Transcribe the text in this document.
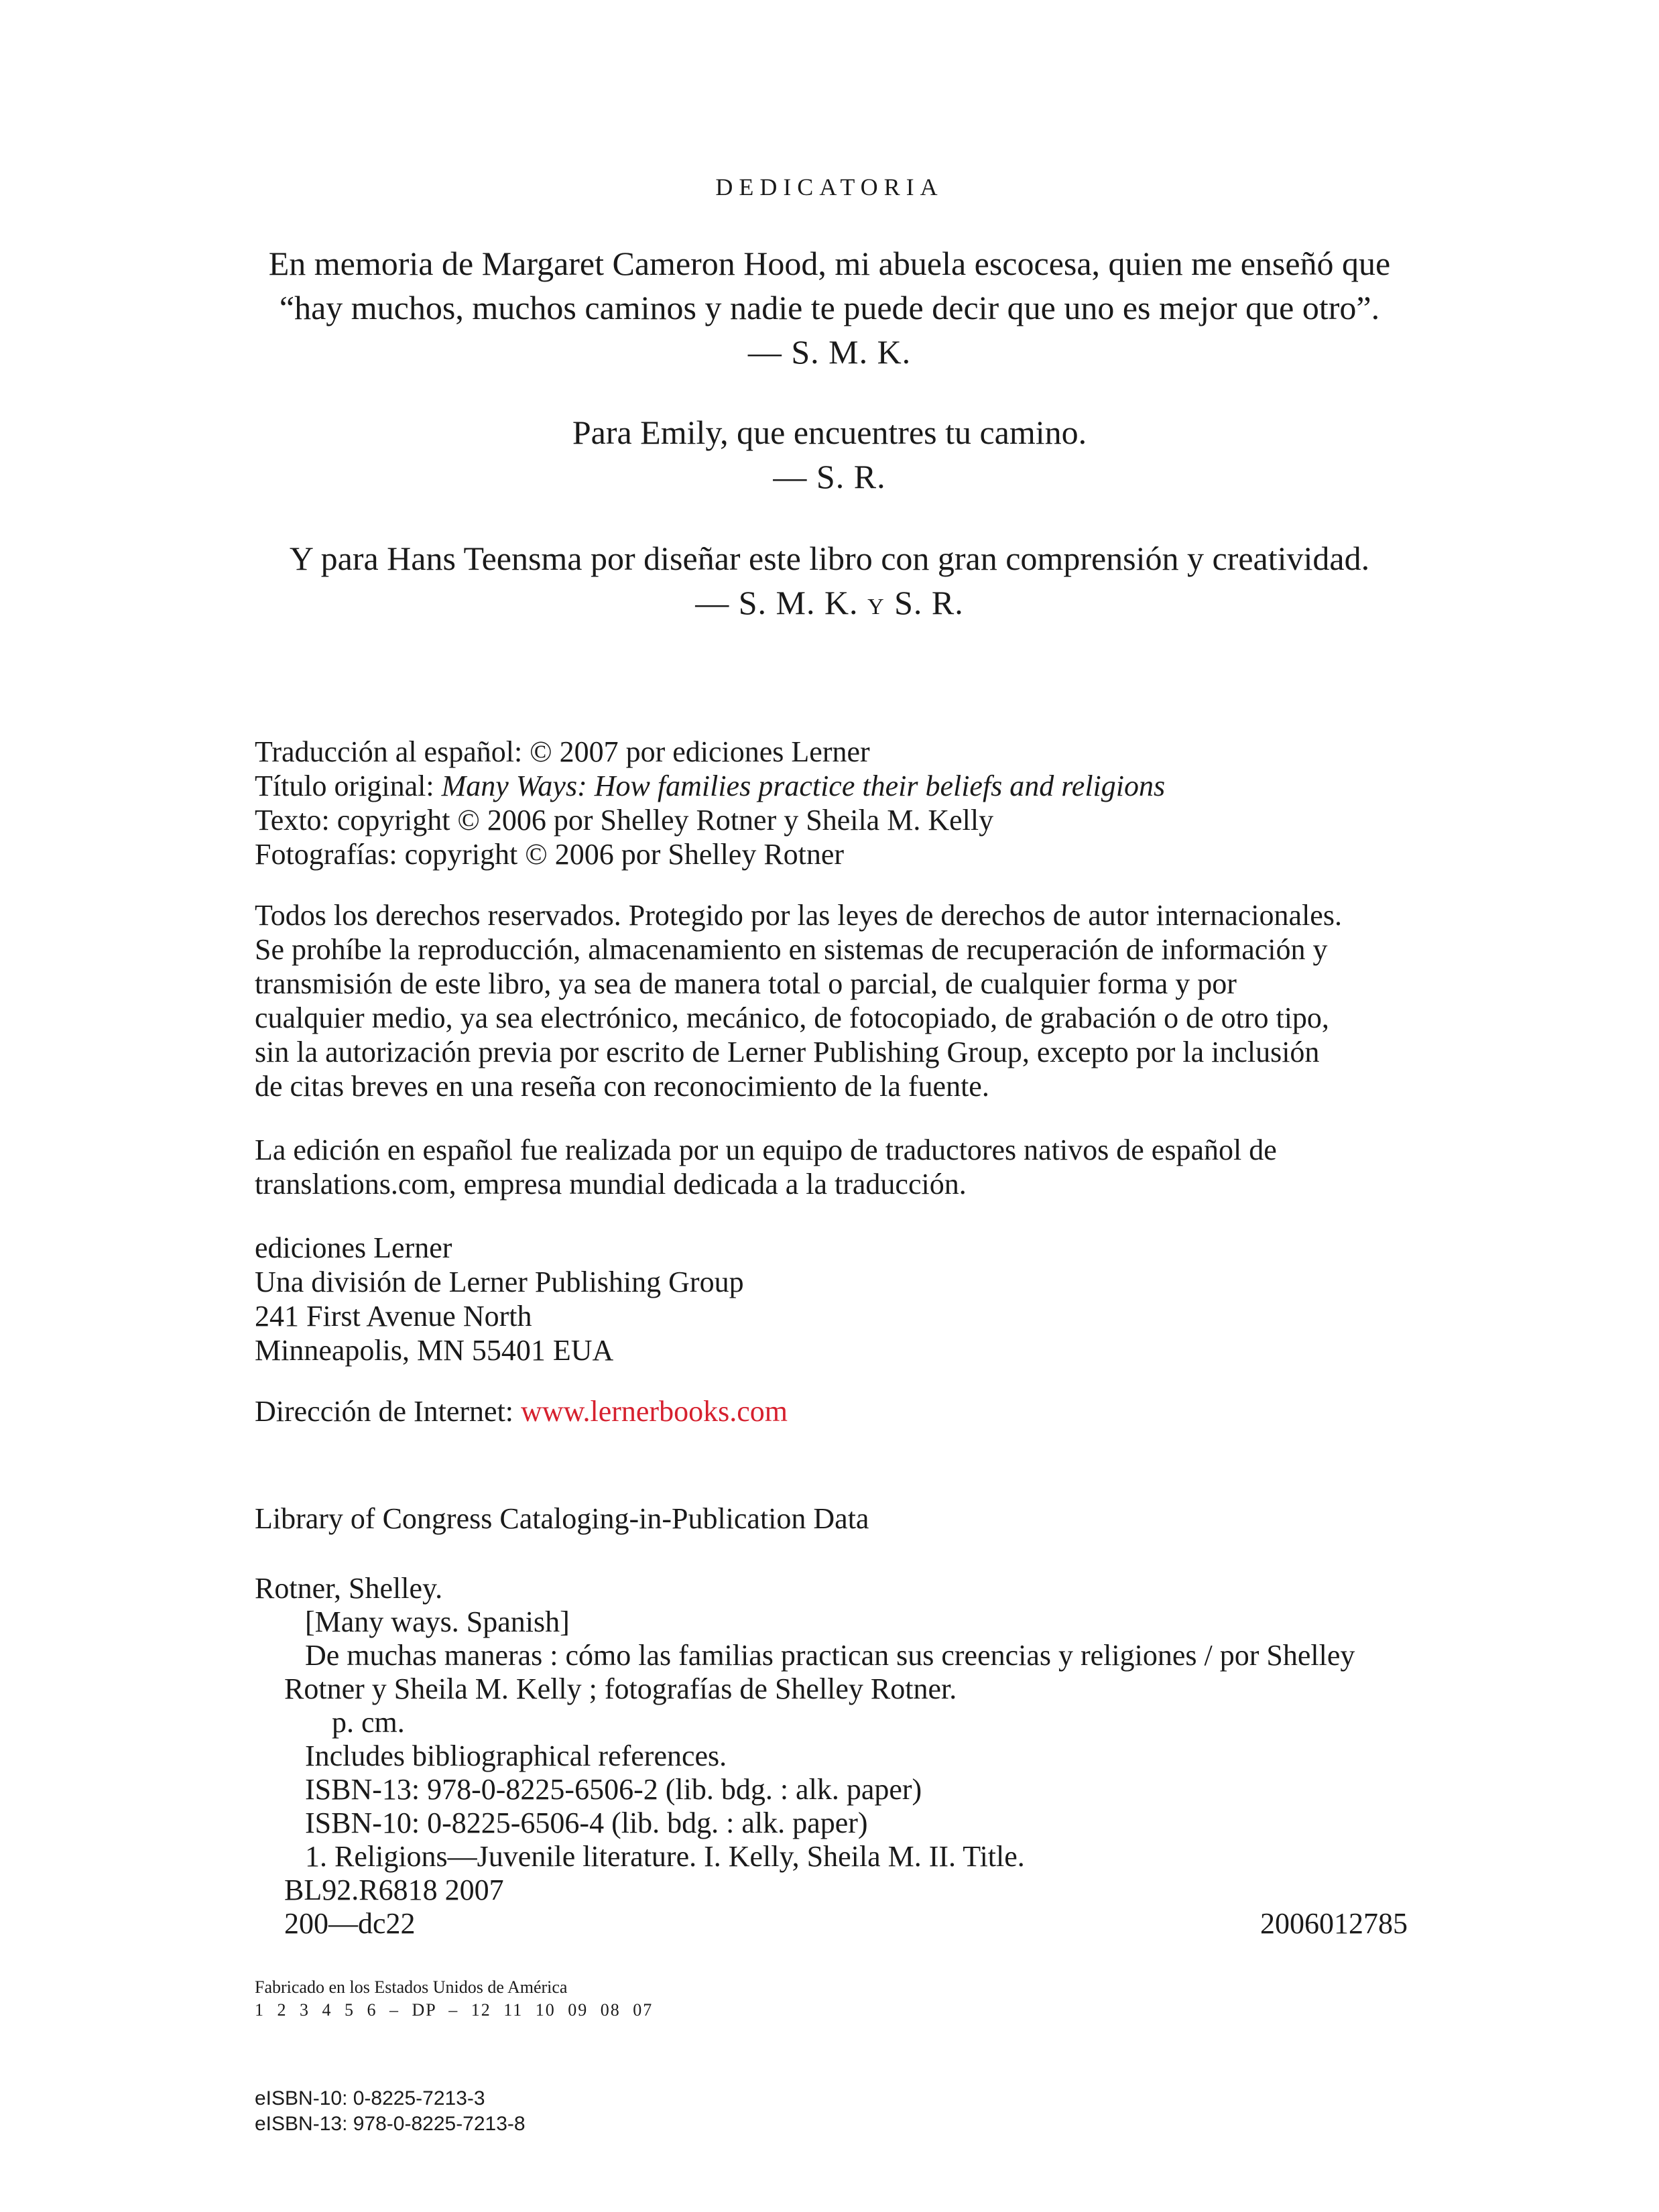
DEDICATORIA
En memoria de Margaret Cameron Hood, mi abuela escocesa, quien me enseñó que
“hay muchos, muchos caminos y nadie te puede decir que uno es mejor que otro”.
— S. M. K.
Para Emily, que encuentres tu camino.
— S. R.
Y para Hans Teensma por diseñar este libro con gran comprensión y creatividad.
— S. M. K. Y S. R.
Traducción al español: © 2007 por ediciones Lerner
Título original: Many Ways: How families practice their beliefs and religions
Texto: copyright © 2006 por Shelley Rotner y Sheila M. Kelly
Fotografías: copyright © 2006 por Shelley Rotner
Todos los derechos reservados. Protegido por las leyes de derechos de autor internacionales.
Se prohíbe la reproducción, almacenamiento en sistemas de recuperación de información y
transmisión de este libro, ya sea de manera total o parcial, de cualquier forma y por
cualquier medio, ya sea electrónico, mecánico, de fotocopiado, de grabación o de otro tipo,
sin la autorización previa por escrito de Lerner Publishing Group, excepto por la inclusión
de citas breves en una reseña con reconocimiento de la fuente.
La edición en español fue realizada por un equipo de traductores nativos de español de
translations.com, empresa mundial dedicada a la traducción.
ediciones Lerner
Una división de Lerner Publishing Group
241 First Avenue North
Minneapolis, MN 55401 EUA
Dirección de Internet: www.lernerbooks.com
Library of Congress Cataloging-in-Publication Data
Rotner, Shelley.
[Many ways. Spanish]
De muchas maneras : cómo las familias practican sus creencias y religiones / por Shelley
Rotner y Sheila M. Kelly ; fotografías de Shelley Rotner.
p. cm.
Includes bibliographical references.
ISBN-13: 978-0-8225-6506-2 (lib. bdg. : alk. paper)
ISBN-10: 0-8225-6506-4 (lib. bdg. : alk. paper)
1. Religions—Juvenile literature. I. Kelly, Sheila M. II. Title.
BL92.R6818 2007
200—dc22	2006012785
Fabricado en los Estados Unidos de América
1 2 3 4 5 6 – DP – 12 11 10 09 08 07
eISBN-10: 0-8225-7213-3
eISBN-13: 978-0-8225-7213-8
